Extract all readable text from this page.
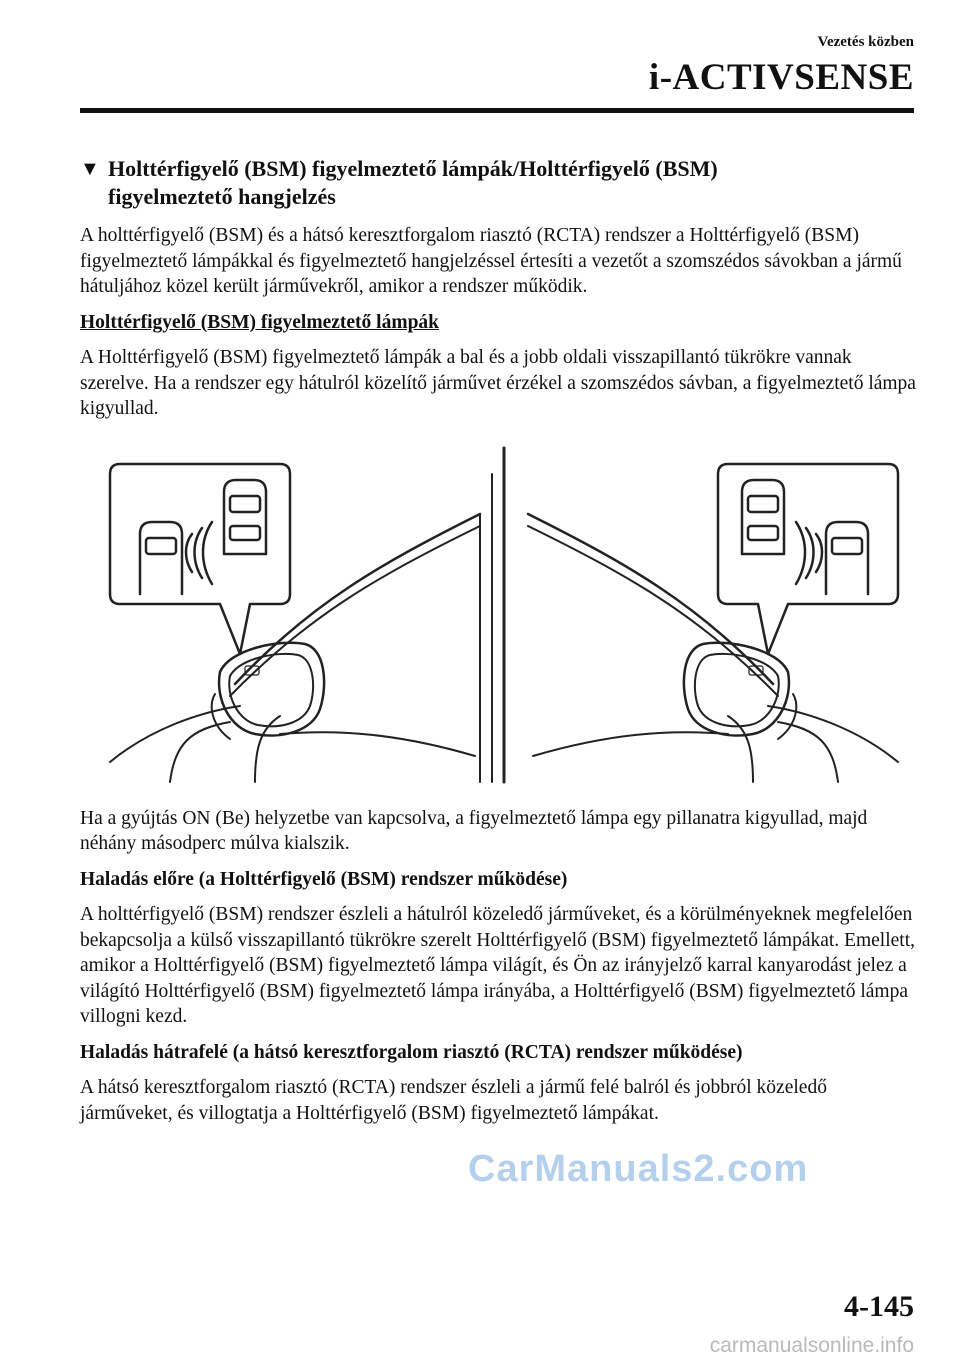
Vezetés közben
i-ACTIVSENSE
▼ Holttérfigyelő (BSM) figyelmeztető lámpák/Holttérfigyelő (BSM)
figyelmeztető hangjelzés

A holttérfigyelő (BSM) és a hátsó keresztforgalom riasztó (RCTA) rendszer a Holttérfigyelő (BSM) figyelmeztető lámpákkal és figyelmeztető hangjelzéssel értesíti a vezetőt a szomszédos sávokban a jármű hátuljához közel került járművekről, amikor a rendszer működik.

Holttérfigyelő (BSM) figyelmeztető lámpák

A Holttérfigyelő (BSM) figyelmeztető lámpák a bal és a jobb oldali visszapillantó tükrökre vannak szerelve. Ha a rendszer egy hátulról közelítő járművet érzékel a szomszédos sávban, a figyelmeztető lámpa kigyullad.

Ha a gyújtás ON (Be) helyzetbe van kapcsolva, a figyelmeztető lámpa egy pillanatra kigyullad, majd néhány másodperc múlva kialszik.

Haladás előre (a Holttérfigyelő (BSM) rendszer működése)

A holttérfigyelő (BSM) rendszer észleli a hátulról közeledő járműveket, és a körülményeknek megfelelően bekapcsolja a külső visszapillantó tükrökre szerelt Holttérfigyelő (BSM) figyelmeztető lámpákat. Emellett, amikor a Holttérfigyelő (BSM) figyelmeztető lámpa világít, és Ön az irányjelző karral kanyarodást jelez a világító Holttérfigyelő (BSM) figyelmeztető lámpa irányába, a Holttérfigyelő (BSM) figyelmeztető lámpa villogni kezd.

Haladás hátrafelé (a hátsó keresztforgalom riasztó (RCTA) rendszer működése)

A hátsó keresztforgalom riasztó (RCTA) rendszer észleli a jármű felé balról és jobbról közeledő járműveket, és villogtatja a Holttérfigyelő (BSM) figyelmeztető lámpákat.

CarManuals2.com
4-145
carmanualsonline.info
